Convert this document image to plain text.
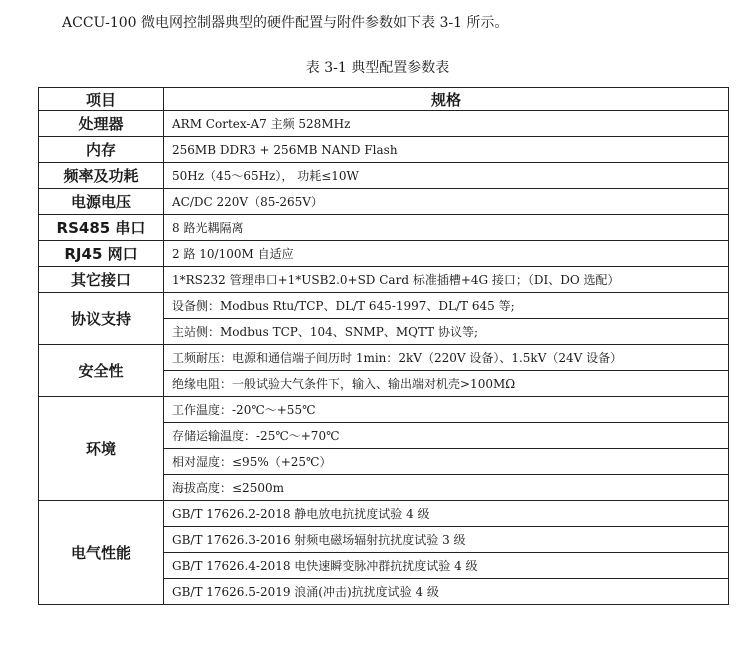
ACCU-100 微电网控制器典型的硬件配置与附件参数如下表 3-1 所示。
表 3-1 典型配置参数表
项目	规格
处理器	ARM Cortex-A7 主频 528MHz
内存	256MB DDR3 + 256MB NAND Flash
频率及功耗	50Hz（45～65Hz）， 功耗≤10W
电源电压	AC/DC 220V（85-265V）
RS485 串口	8 路光耦隔离
RJ45 网口	2 路 10/100M 自适应
其它接口	1*RS232 管理串口+1*USB2.0+SD Card 标准插槽+4G 接口；（DI、DO 选配）
协议支持	设备侧：Modbus Rtu/TCP、DL/T 645-1997、DL/T 645 等;
	主站侧：Modbus TCP、104、SNMP、MQTT 协议等;
安全性	工频耐压：电源和通信端子间历时 1min：2kV（220V 设备）、1.5kV（24V 设备）
	绝缘电阻：一般试验大气条件下，输入、输出端对机壳>100MΩ
环境	工作温度：-20℃～+55℃
	存储运输温度：-25℃～+70℃
	相对湿度：≤95%（+25℃）
	海拔高度：≤2500m
电气性能	GB/T 17626.2-2018 静电放电抗扰度试验 4 级
	GB/T 17626.3-2016 射频电磁场辐射抗扰度试验 3 级
	GB/T 17626.4-2018 电快速瞬变脉冲群抗扰度试验 4 级
	GB/T 17626.5-2019 浪涌(冲击)抗扰度试验 4 级
